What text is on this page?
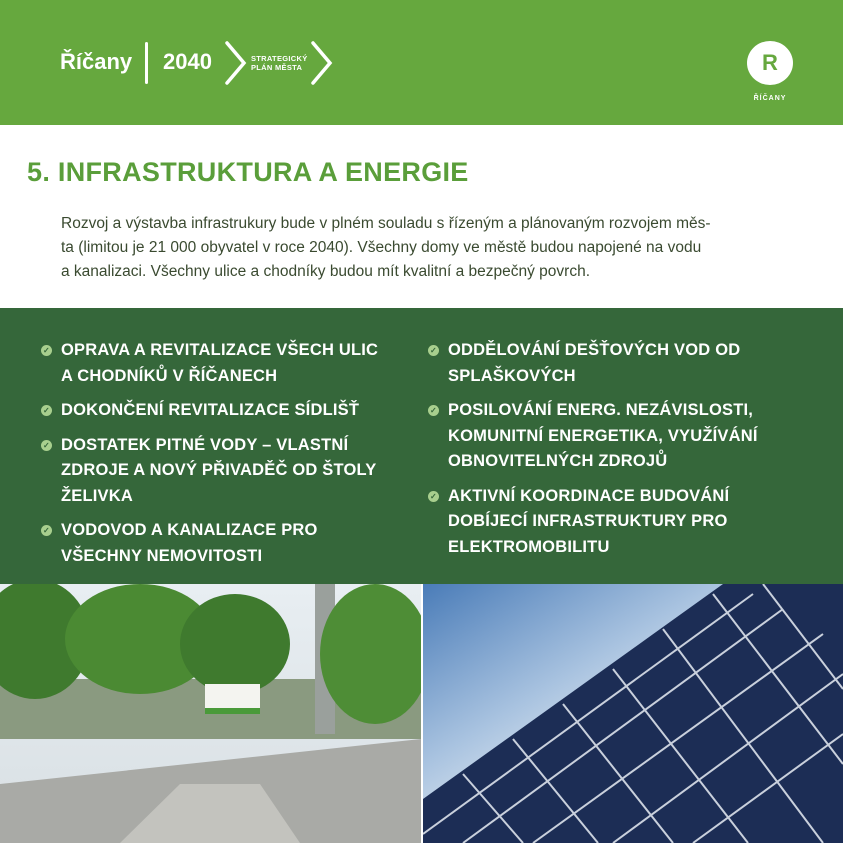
Říčany 2040	STRATEGICKÝ
PLÁN MĚSTA	R
ŘÍČANY
5. INFRASTRUKTURA A ENERGIE
Rozvoj a výstavba infrastrukury bude v plném souladu s řízeným a plánovaným rozvojem měs-
ta (limitou je 21 000 obyvatel v roce 2040). Všechny domy ve městě budou napojené na vodu
a kanalizaci. Všechny ulice a chodníky budou mít kvalitní a bezpečný povrch.
✓ OPRAVA A REVITALIZACE VŠECH ULIC
A CHODNÍKŮ V ŘÍČANECH
✓ DOKONČENÍ REVITALIZACE SÍDLIŠŤ
✓ DOSTATEK PITNÉ VODY – VLASTNÍ
ZDROJE A NOVÝ PŘIVADĚČ OD ŠTOLY
ŽELIVKA
✓ VODOVOD A KANALIZACE PRO
VŠECHNY NEMOVITOSTI
✓ ODDĚLOVÁNÍ DEŠŤOVÝCH VOD OD
SPLAŠKOVÝCH
✓ POSILOVÁNÍ ENERG. NEZÁVISLOSTI,
KOMUNITNÍ ENERGETIKA, VYUŽÍVÁNÍ
OBNOVITELNÝCH ZDROJŮ
✓ AKTIVNÍ KOORDINACE BUDOVÁNÍ
DOBÍJECÍ INFRASTRUKTURY PRO
ELEKTROMOBILITU
